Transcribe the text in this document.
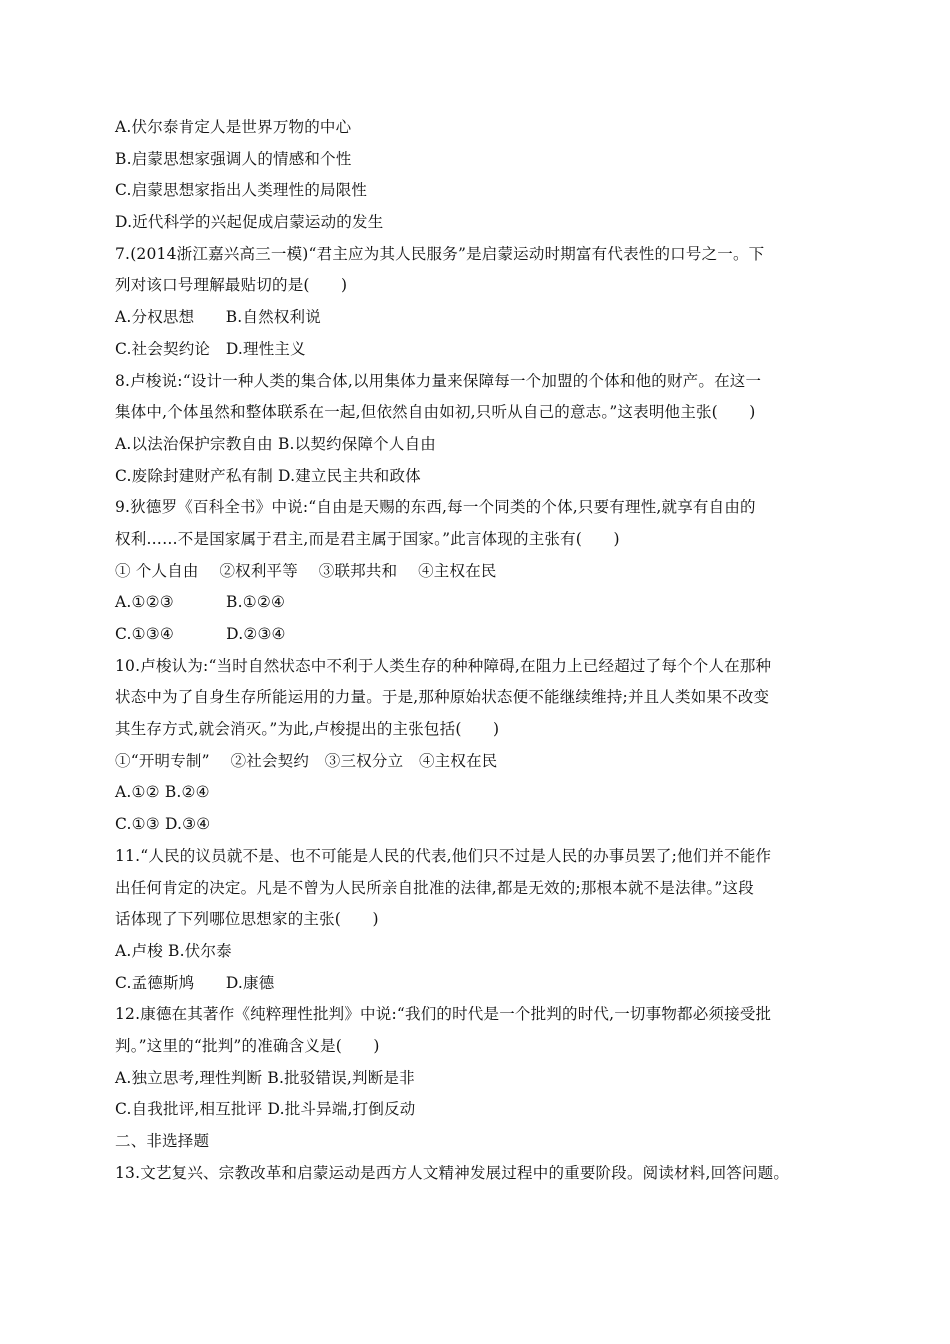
A.伏尔泰肯定人是世界万物的中心
B.启蒙思想家强调人的情感和个性
C.启蒙思想家指出人类理性的局限性
D.近代科学的兴起促成启蒙运动的发生
7.(2014浙江嘉兴高三一模)“君主应为其人民服务”是启蒙运动时期富有代表性的口号之一。下
列对该口号理解最贴切的是(　　)
A.分权思想　　B.自然权利说
C.社会契约论　D.理性主义
8.卢梭说:“设计一种人类的集合体,以用集体力量来保障每一个加盟的个体和他的财产。在这一
集体中,个体虽然和整体联系在一起,但依然自由如初,只听从自己的意志。”这表明他主张(　　)
A.以法治保护宗教自由 B.以契约保障个人自由
C.废除封建财产私有制 D.建立民主共和政体
9.狄德罗《百科全书》中说:“自由是天赐的东西,每一个同类的个体,只要有理性,就享有自由的
权利……不是国家属于君主,而是君主属于国家。”此言体现的主张有(　　)
① 个人自由　 ②权利平等　 ③联邦共和　 ④主权在民
A.①②③　　　 B.①②④
C.①③④　　　 D.②③④
10.卢梭认为:“当时自然状态中不利于人类生存的种种障碍,在阻力上已经超过了每个个人在那种
状态中为了自身生存所能运用的力量。于是,那种原始状态便不能继续维持;并且人类如果不改变
其生存方式,就会消灭。”为此,卢梭提出的主张包括(　　)
①“开明专制”　 ②社会契约　③三权分立　④主权在民
A.①② B.②④
C.①③ D.③④
11.“人民的议员就不是、也不可能是人民的代表,他们只不过是人民的办事员罢了;他们并不能作
出任何肯定的决定。凡是不曾为人民所亲自批准的法律,都是无效的;那根本就不是法律。”这段
话体现了下列哪位思想家的主张(　　)
A.卢梭 B.伏尔泰
C.孟德斯鸠　　D.康德
12.康德在其著作《纯粹理性批判》中说:“我们的时代是一个批判的时代,一切事物都必须接受批
判。”这里的“批判”的准确含义是(　　)
A.独立思考,理性判断 B.批驳错误,判断是非
C.自我批评,相互批评 D.批斗异端,打倒反动
二、非选择题
13.文艺复兴、宗教改革和启蒙运动是西方人文精神发展过程中的重要阶段。阅读材料,回答问题。
